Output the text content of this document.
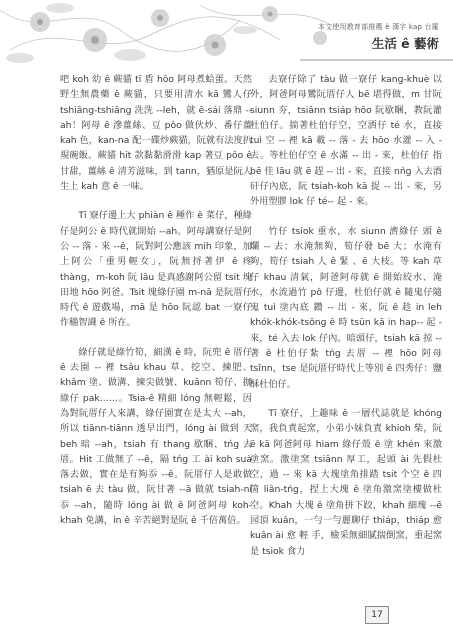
本文使用教育部推薦 ê 漢字 kap 台羅
生活 ê 藝術

吧 koh 幼 ê 蕨貓 tī 盾 hōo 阿母煮蛤蛋。天然野生無農藥 ê 蕨貓，只要用清水 kā 鸞人仔 tshiâng-tshiâng 洗洗 --leh，就 ē-sái 落鼎 --ah！阿母 ê 滲薑絲、豆 pôo 做伙炒、番仔薑 kah 色，kan-na 配一碟炒蕨貓，阮就有法度扒規碗飯。蕨貓 hit 款黏黏滑滑 kap 著豆 pôo ê 甘甜，薑絲 ê 清芳滋味，到 tann，猶原是阮人生上 kah 意 ê 一味。

Tī 寮仔邊上大 phiàn ê 種作 ê 菜仔，種綠仔是阿公 ê 時代就開始 --ah。阿母講寮仔是阿公 -- 落 - 來 --ê，阮對阿公應該 mih 印象，加上阿公「重男輕女」，阮無捋著伊 ê 疼 thàng，m-koh 阮 lâu 是真感謝阿公留 tsit 塊田地 hōo 阿爸。Tsit 塊綠仔園 m-nā 是阮厝仔時代 ê 遊戲場，mā 是 hōo 阮認 bat 一寮仔作穡智識 ê 所在。

綠仔就是綠竹筍，細漢 ê 時，阮兜 ê 厝仔 ê 去園 -- 裡 tsâu khau 草、挖空、揀肥、khâm 塗、做溝、揀尖做號、kuânn 筍仔、拁綠仔 pak……。Tsia-ê 精細 lóng 無輕鬆，因為對阮厝仔人來講，綠仔園實在是太大 --ah，所以 tiānn-tiānn 透早出門，lóng ài 做到 天 beh 暗 --ah，tsiah 有 thang 歇睏、tńg 去厝。Hit 工做無了 --ê，隔 tńg 工 ài koh suà 落去做，實在是有夠忝 --ê。阮厝仔人是敢做 tsiah ē 去 tàu 做，阮甘著 --ā 做就 tsiah-ni 忝 --ah，隨時 lóng ài 做 ê 阿爸阿母 koh-khah 免講，in ê 辛苦絕對是阮 ê 千倍萬倍。

去寮仔除了 tàu 做一寮仔 kang-khuè 以外，阿爸阿母鸞阮厝仔人 bē 堪得做，m 甘阮 siunn 夯，tsiânn tsiáp hōo 阮歇睏，教阮灌杜伯仔。揣著杜伯仔空，空洒仔 té 水，直接 tuì 空 -- 裡 kā 載 -- 落 - 去 hōo 水灌 -- 入 - 去。等杜伯仔空 ê 水滿 -- 出 - 來，杜伯仔 指 bē 佳 lău 就 ē 趕 -- 出 - 來，直接 nǹg 入去酒矸仔內底，阮 tsiah-koh kā 捉 -- 出 - 來，另外用塑膠 lok 仔 té-- 起 - 來。

竹仔 tsiok 重水，水 siunn 濟綠仔 頭 ê 爛 -- 去；水淹無夠，筍仔發 bē 大；水淹有夠，筍仔 tsiah 人 ê 緊 、ē 大枝。等 kah 草仔 khau 清氣，阿爸阿母就 ē 開始絞水、淹水，水流過竹 pô 仔邊，杜伯仔就 ê 隨鬼仔隨鬼 tuì 塗內底 鑽 -- 出 - 來，阮 ê 趁 in leh khók-khók-tsông ê 時 tsūn kā in hap-- 起 - 來，té 入去 lok 仔內。暗頭仔，tsiah kā 掠 -- 著 ê 杜伯仔紮 tńg 去厝 -- 裡 hōo 阿母 tsînn，tse 是阮厝仔時代上等別 ê 四秀仔：鹽酥杜伯仔。

Tī 寮仔，上趣味 ê 一層代誌就是 khóng 窯，我負責起窯，小弟小妹負責 khioh 柴，阮 ē kā 阿爸阿母 hiam 綠仔殼 ê 塗 khén 來激塗窯。激塗窯 tsiânn 厚工，起頭 ài 先假杜空，過 -- 來 kā 大塊塗角排踏 tsit 个空 ê 四 箇 liân-tńg，捏上大塊 ê 塗角激窯塗樓做杜空。Khah 大塊 ê 塗角拼下跤，khah 細塊 --ē 园頂 kuân，一勻一勻麗聊仔 thiáp，thiáp 愈 kuân ài 愈 輕 手，檢采無細膩揣倒窯，重起窯是 tsiok 食力

17
